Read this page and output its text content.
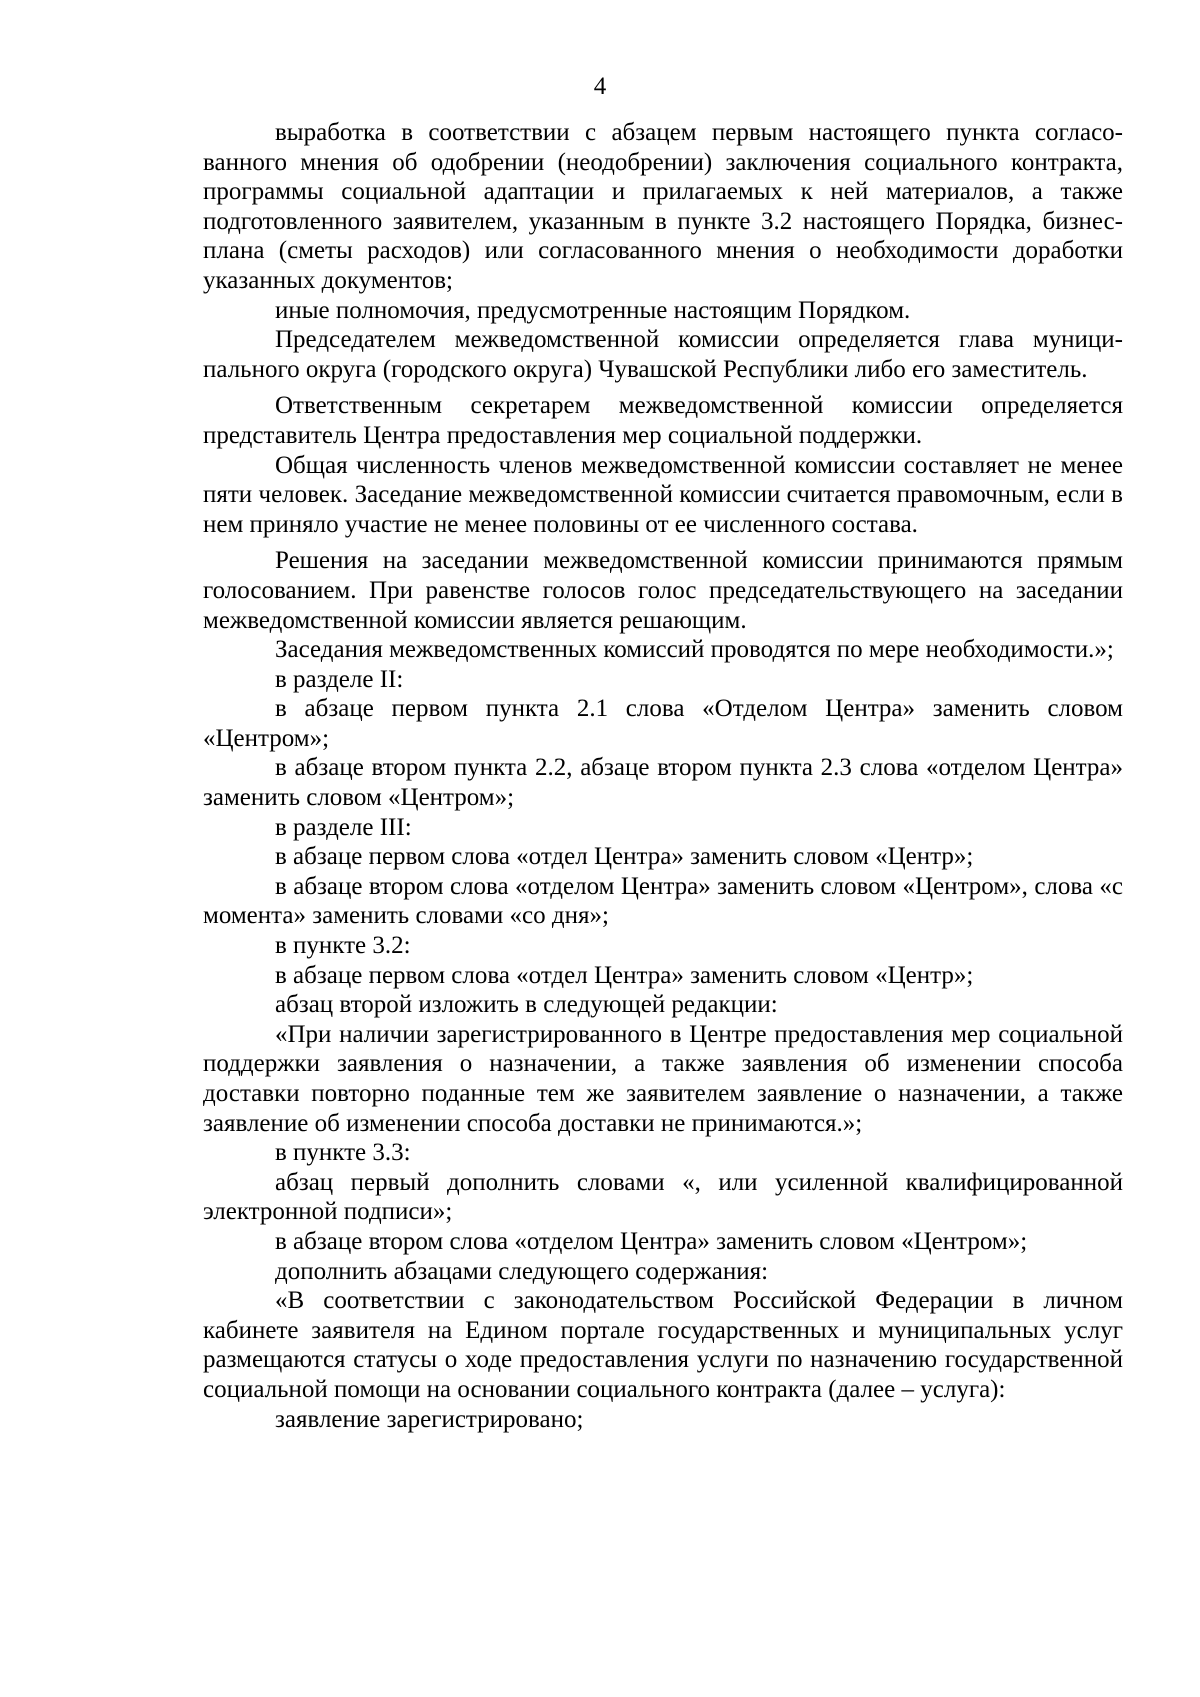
4

выработка в соответствии с абзацем первым настоящего пункта согласованного мнения об одобрении (неодобрении) заключения социального контракта, программы социальной адаптации и прилагаемых к ней материалов, а также подготовленного заявителем, указанным в пункте 3.2 настоящего Порядка, бизнес-плана (сметы расходов) или согласованного мнения о необходимости доработки указанных документов;

иные полномочия, предусмотренные настоящим Порядком.

Председателем межведомственной комиссии определяется глава муниципального округа (городского округа) Чувашской Республики либо его заместитель.

Ответственным секретарем межведомственной комиссии определяется представитель Центра предоставления мер социальной поддержки.

Общая численность членов межведомственной комиссии составляет не менее пяти человек. Заседание межведомственной комиссии считается правомочным, если в нем приняло участие не менее половины от ее численного состава.

Решения на заседании межведомственной комиссии принимаются прямым голосованием. При равенстве голосов голос председательствующего на заседании межведомственной комиссии является решающим.

Заседания межведомственных комиссий проводятся по мере необходимости.»;

в разделе II:

в абзаце первом пункта 2.1 слова «Отделом Центра» заменить словом «Центром»;

в абзаце втором пункта 2.2, абзаце втором пункта 2.3 слова «отделом Центра» заменить словом «Центром»;

в разделе III:

в абзаце первом слова «отдел Центра» заменить словом «Центр»;

в абзаце втором слова «отделом Центра» заменить словом «Центром», слова «с момента» заменить словами «со дня»;

в пункте 3.2:

в абзаце первом слова «отдел Центра» заменить словом «Центр»;

абзац второй изложить в следующей редакции:

«При наличии зарегистрированного в Центре предоставления мер социальной поддержки заявления о назначении, а также заявления об изменении способа доставки повторно поданные тем же заявителем заявление о назначении, а также заявление об изменении способа доставки не принимаются.»;

в пункте 3.3:

абзац первый дополнить словами «, или усиленной квалифицированной электронной подписи»;

в абзаце втором слова «отделом Центра» заменить словом «Центром»;

дополнить абзацами следующего содержания:

«В соответствии с законодательством Российской Федерации в личном кабинете заявителя на Едином портале государственных и муниципальных услуг размещаются статусы о ходе предоставления услуги по назначению государственной социальной помощи на основании социального контракта (далее – услуга):

заявление зарегистрировано;
